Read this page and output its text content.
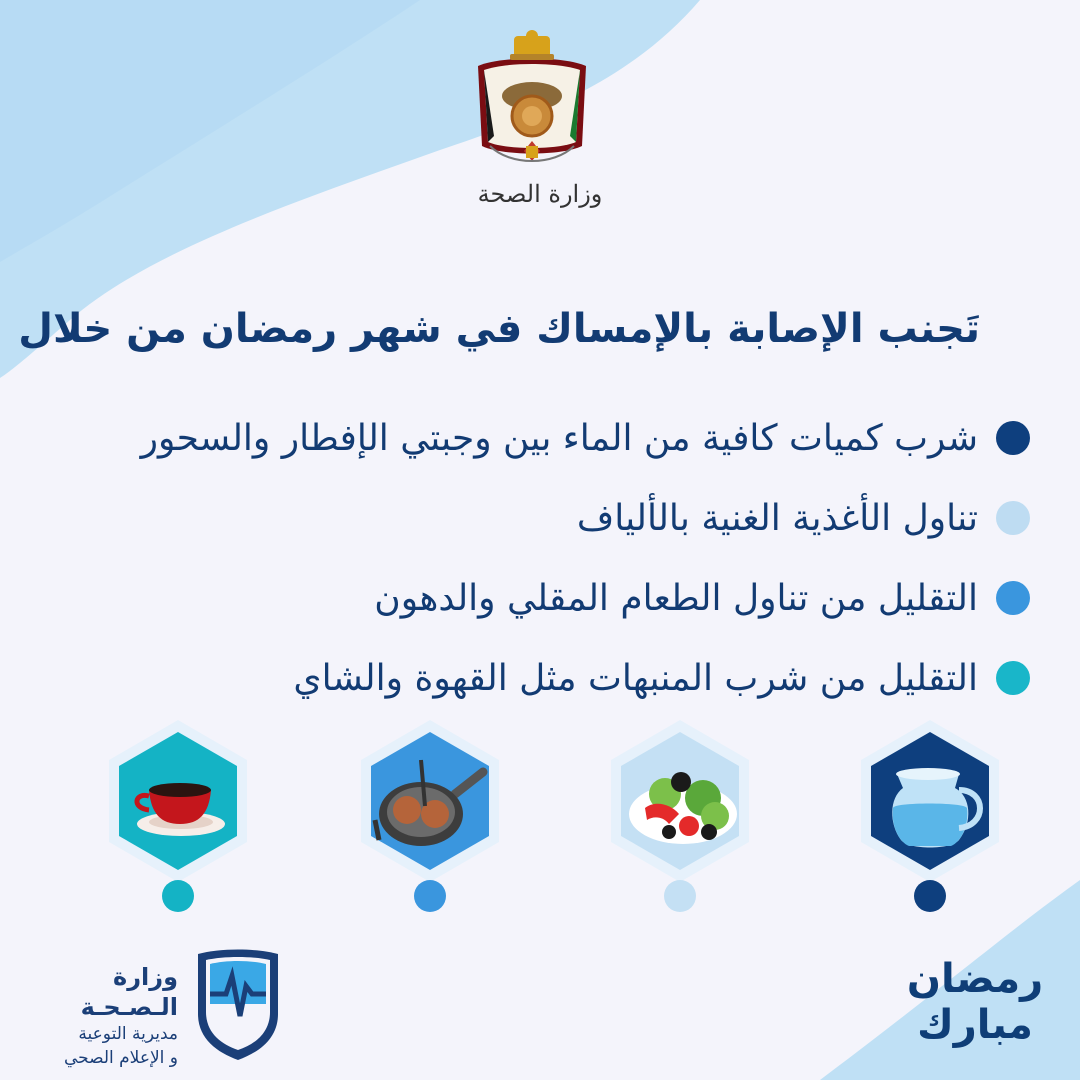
وزارة الصحة
تَجنب الإصابة بالإمساك في شهر رمضان من خلال
شرب كميات كافية من الماء بين وجبتي الإفطار والسحور
تناول الأغذية الغنية بالألياف
التقليل من تناول الطعام المقلي والدهون
التقليل من شرب المنبهات مثل القهوة والشاي
وزارة الـصـحـة
مديرية التوعية
و الإعلام الصحي
رمضان
مبارك
